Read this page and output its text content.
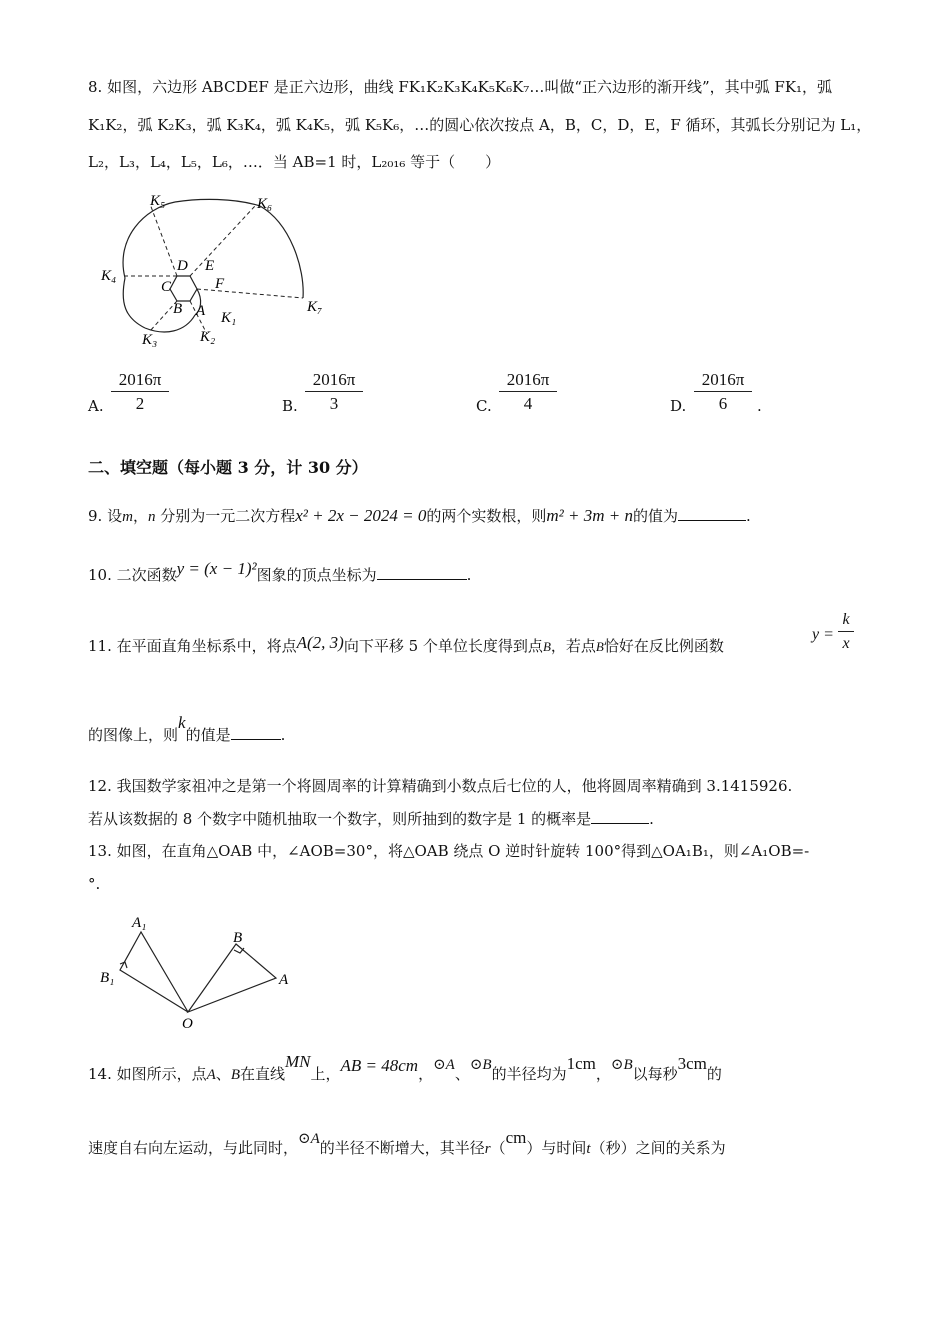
8. 如图，六边形 ABCDEF 是正六边形，曲线 FK₁K₂K₃K₄K₅K₆K₇…叫做“正六边形的渐开线”，其中弧 FK₁，弧
K₁K₂，弧 K₂K₃，弧 K₃K₄，弧 K₄K₅，弧 K₅K₆，…的圆心依次按点 A，B，C，D，E，F 循环，其弧长分别记为 L₁，
L₂，L₃，L₄，L₅，L₆，…．当 AB=1 时，L₂₀₁₆ 等于（　　）
K₅	K₆
K₄
K₇
K₃	K₂
K₁
D E
C	F
B A
A. $\frac{2016\pi}{2}$	B. $\frac{2016\pi}{3}$	C. $\frac{2016\pi}{4}$	D. $\frac{2016\pi}{6}$ .
二、填空题（每小题 3 分，计 30 分）
9. 设m，n 分别为一元二次方程x² + 2x − 2024 = 0的两个实数根，则m² + 3m + n的值为	.
10. 二次函数y = (x − 1)²图象的顶点坐标为	.
11. 在平面直角坐标系中，将点A(2, 3)向下平移 5 个单位长度得到点B，若点B恰好在反比例函数
$y = \frac{k}{x}$
的图像上，则k的值是	.
12. 我国数学家祖冲之是第一个将圆周率的计算精确到小数点后七位的人，他将圆周率精确到 3.1415926.
若从该数据的 8 个数字中随机抽取一个数字，则所抽到的数字是 1 的概率是	.
13. 如图，在直角△OAB 中，∠AOB=30°，将△OAB 绕点 O 逆时针旋转 100°得到△OA₁B₁，则∠A₁OB=-
°.
A₁
B₁
B
A
O
14. 如图所示，点A、B在直线MN上，AB = 48cm，⊙A、⊙B的半径均为1cm，⊙B以每秒3cm的
速度自右向左运动，与此同时，⊙A的半径不断增大，其半径r（cm）与时间t（秒）之间的关系为
